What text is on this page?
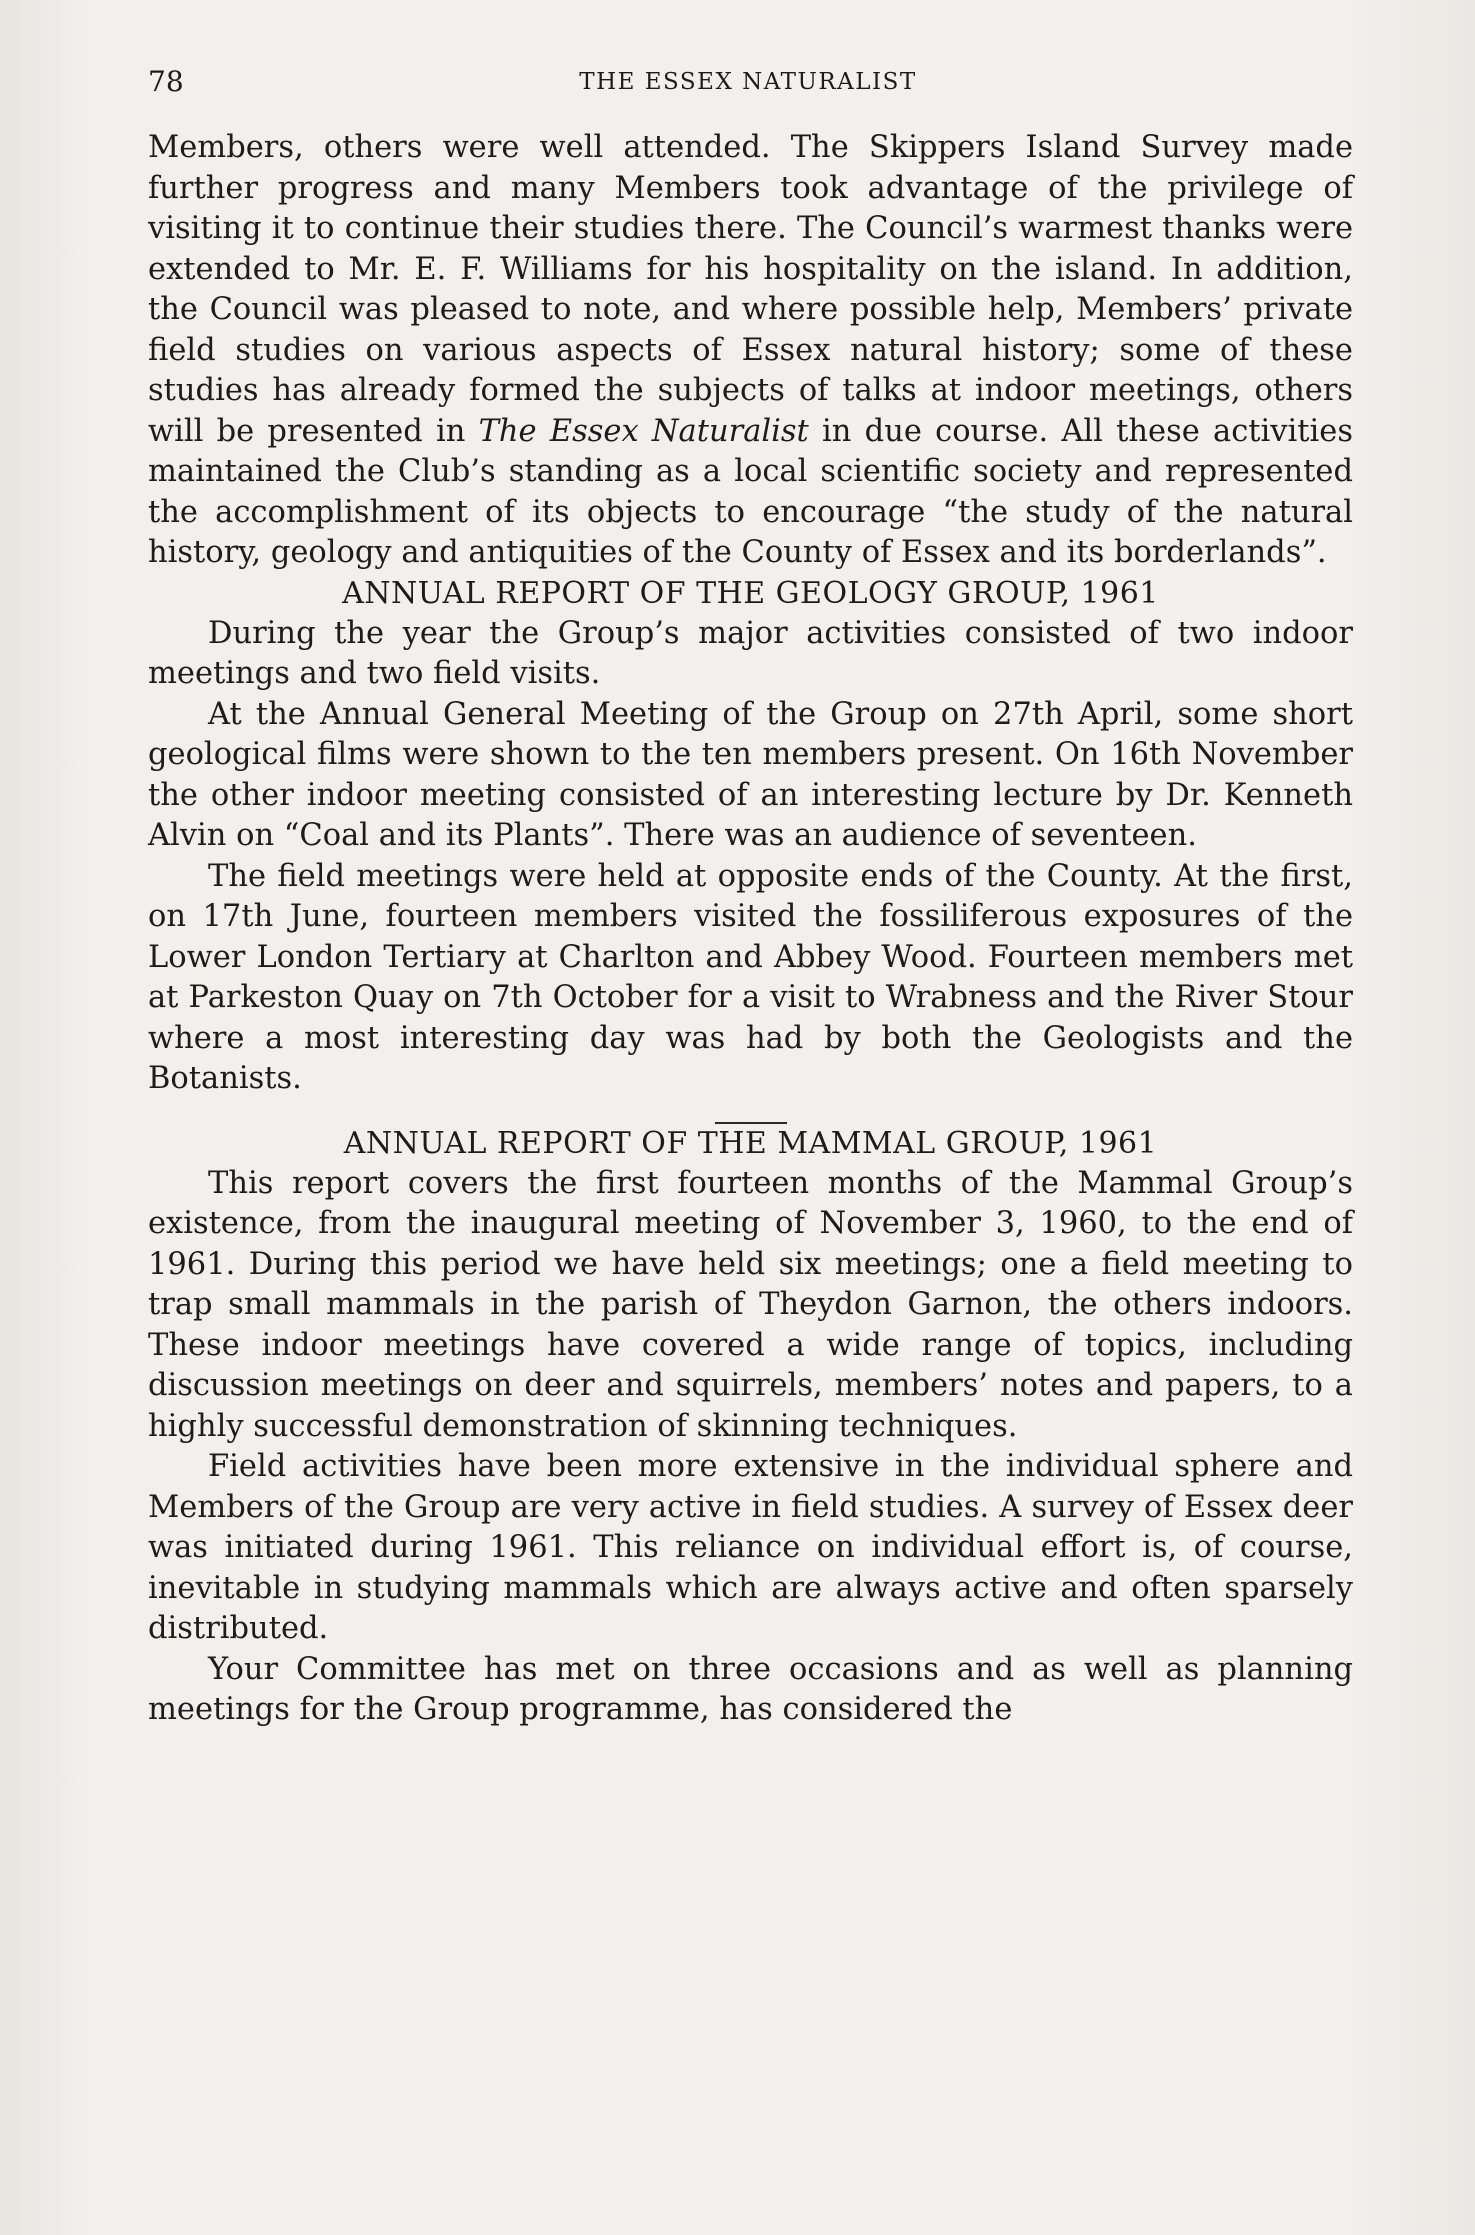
78	THE ESSEX NATURALIST

Members, others were well attended. The Skippers Island Survey made further progress and many Members took advantage of the privilege of visiting it to continue their studies there. The Council’s warmest thanks were extended to Mr. E. F. Williams for his hospitality on the island. In addition, the Council was pleased to note, and where possible help, Members’ private field studies on various aspects of Essex natural history; some of these studies has already formed the subjects of talks at indoor meetings, others will be presented in The Essex Naturalist in due course. All these activities maintained the Club’s standing as a local scientific society and represented the accomplishment of its objects to encourage “the study of the natural history, geology and antiquities of the County of Essex and its borderlands”.

ANNUAL REPORT OF THE GEOLOGY GROUP, 1961

During the year the Group’s major activities consisted of two indoor meetings and two field visits.

At the Annual General Meeting of the Group on 27th April, some short geological films were shown to the ten members present. On 16th November the other indoor meeting consisted of an interesting lecture by Dr. Kenneth Alvin on “Coal and its Plants”. There was an audience of seventeen.

The field meetings were held at opposite ends of the County. At the first, on 17th June, fourteen members visited the fossiliferous exposures of the Lower London Tertiary at Charlton and Abbey Wood. Fourteen members met at Parkeston Quay on 7th October for a visit to Wrabness and the River Stour where a most interesting day was had by both the Geologists and the Botanists.

ANNUAL REPORT OF THE MAMMAL GROUP, 1961

This report covers the first fourteen months of the Mammal Group’s existence, from the inaugural meeting of November 3, 1960, to the end of 1961. During this period we have held six meetings; one a field meeting to trap small mammals in the parish of Theydon Garnon, the others indoors. These indoor meetings have covered a wide range of topics, including discussion meetings on deer and squirrels, members’ notes and papers, to a highly successful demonstration of skinning techniques.

Field activities have been more extensive in the individual sphere and Members of the Group are very active in field studies. A survey of Essex deer was initiated during 1961. This reliance on individual effort is, of course, inevitable in studying mammals which are always active and often sparsely distributed.

Your Committee has met on three occasions and as well as planning meetings for the Group programme, has considered the
